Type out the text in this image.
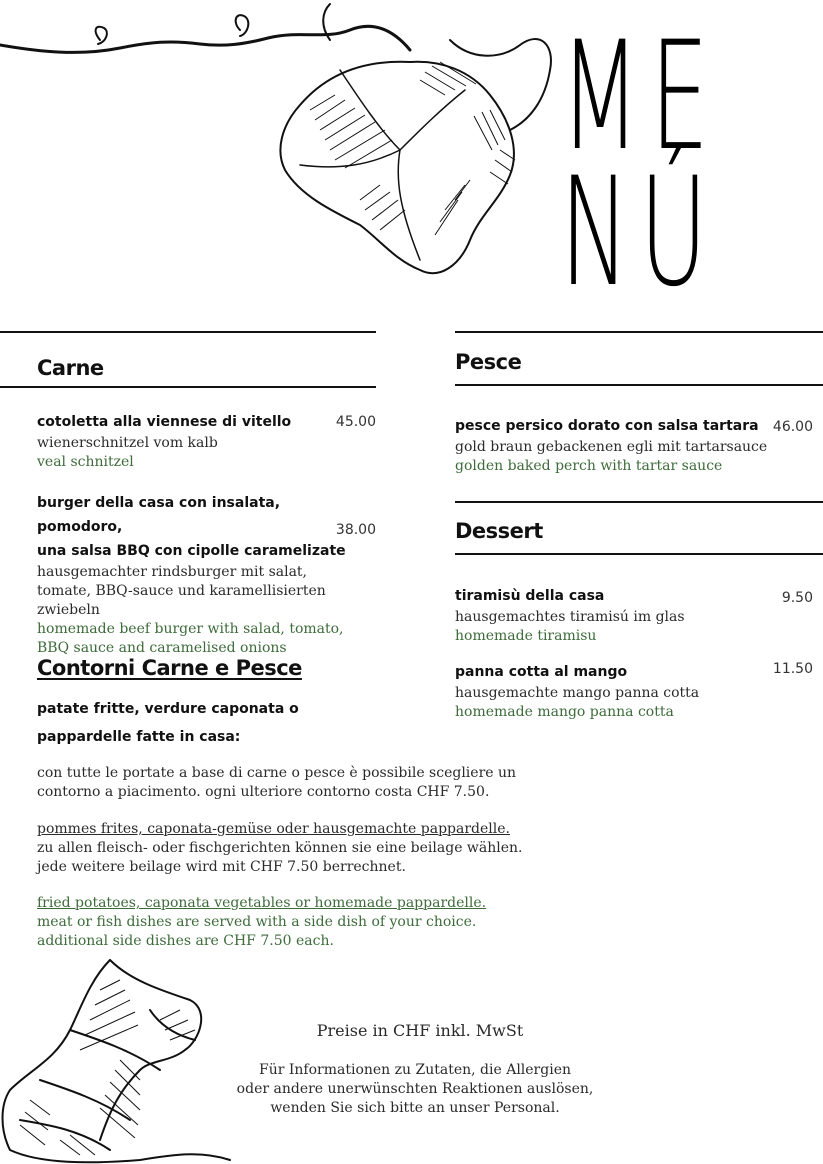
ME
NÚ
Carne
cotoletta alla viennese di vitello
wienerschnitzel vom kalb
veal schnitzel
45.00
burger della casa con insalata, pomodoro,
una salsa BBQ con cipolle caramelizate
hausgemachter rindsburger mit salat,
tomate, BBQ-sauce und karamellisierten
zwiebeln
homemade beef burger with salad, tomato,
BBQ sauce and caramelised onions
38.00
Contorni Carne e Pesce
patate fritte, verdure caponata o
pappardelle fatte in casa:
con tutte le portate a base di carne o pesce è possibile scegliere un
contorno a piacimento. ogni ulteriore contorno costa CHF 7.50.
pommes frites, caponata-gemüse oder hausgemachte pappardelle.
zu allen fleisch- oder fischgerichten können sie eine beilage wählen.
jede weitere beilage wird mit CHF 7.50 berrechnet.
fried potatoes, caponata vegetables or homemade pappardelle.
meat or fish dishes are served with a side dish of your choice.
additional side dishes are CHF 7.50 each.
Pesce
pesce persico dorato con salsa tartara
gold braun gebackenen egli mit tartarsauce
golden baked perch with tartar sauce
46.00
Dessert
tiramisù della casa
hausgemachtes tiramisú im glas
homemade tiramisu
9.50
panna cotta al mango
hausgemachte mango panna cotta
homemade mango panna cotta
11.50
Preise in CHF inkl. MwSt
Für Informationen zu Zutaten, die Allergien
oder andere unerwünschten Reaktionen auslösen,
wenden Sie sich bitte an unser Personal.
